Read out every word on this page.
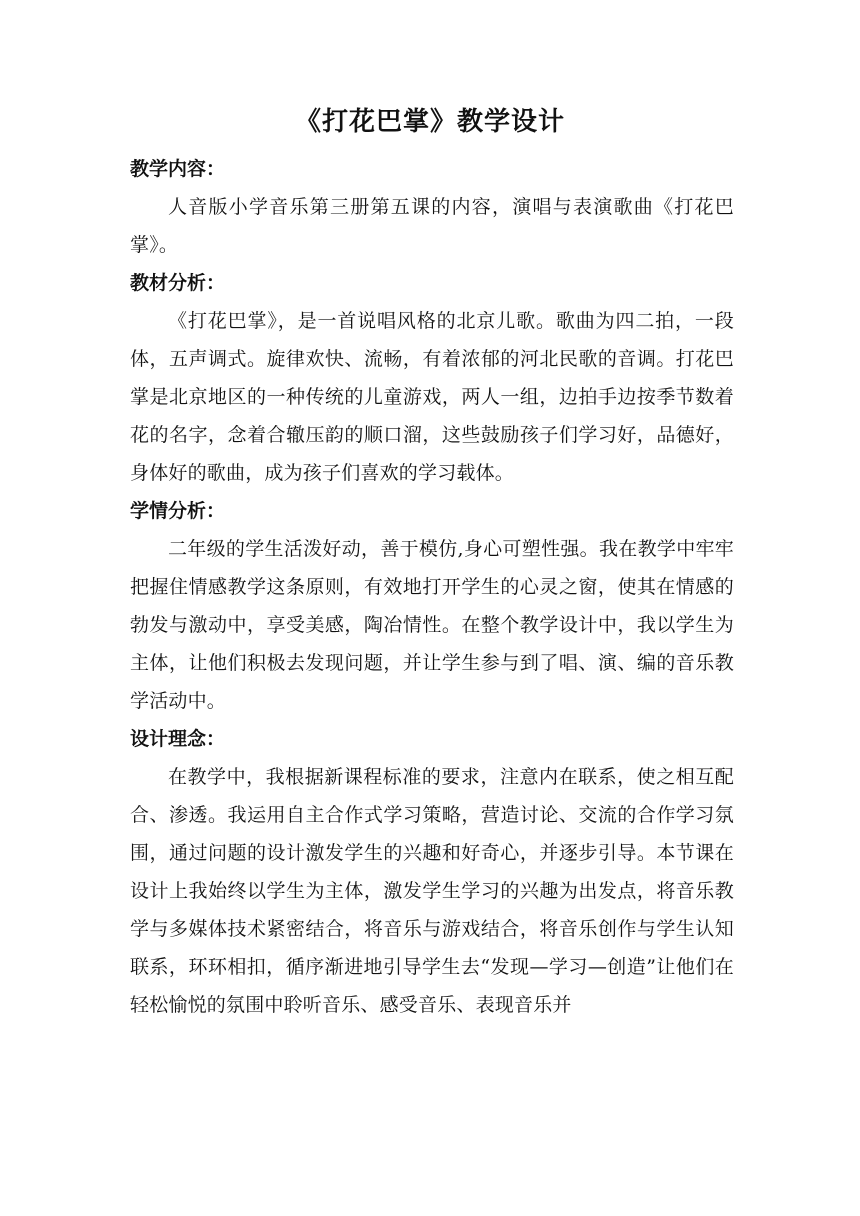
《打花巴掌》教学设计

教学内容：

人音版小学音乐第三册第五课的内容，演唱与表演歌曲《打花巴掌》。

教材分析：

《打花巴掌》，是一首说唱风格的北京儿歌。歌曲为四二拍，一段体，五声调式。旋律欢快、流畅，有着浓郁的河北民歌的音调。打花巴掌是北京地区的一种传统的儿童游戏，两人一组，边拍手边按季节数着花的名字，念着合辙压韵的顺口溜，这些鼓励孩子们学习好，品德好，身体好的歌曲，成为孩子们喜欢的学习载体。

学情分析：

二年级的学生活泼好动，善于模仿,身心可塑性强。我在教学中牢牢把握住情感教学这条原则，有效地打开学生的心灵之窗，使其在情感的勃发与激动中，享受美感，陶冶情性。在整个教学设计中，我以学生为主体，让他们积极去发现问题，并让学生参与到了唱、演、编的音乐教学活动中。

设计理念：

在教学中，我根据新课程标准的要求，注意内在联系，使之相互配合、渗透。我运用自主合作式学习策略，营造讨论、交流的合作学习氛围，通过问题的设计激发学生的兴趣和好奇心，并逐步引导。本节课在设计上我始终以学生为主体，激发学生学习的兴趣为出发点，将音乐教学与多媒体技术紧密结合，将音乐与游戏结合，将音乐创作与学生认知联系，环环相扣，循序渐进地引导学生去“发现—学习—创造”让他们在轻松愉悦的氛围中聆听音乐、感受音乐、表现音乐并
